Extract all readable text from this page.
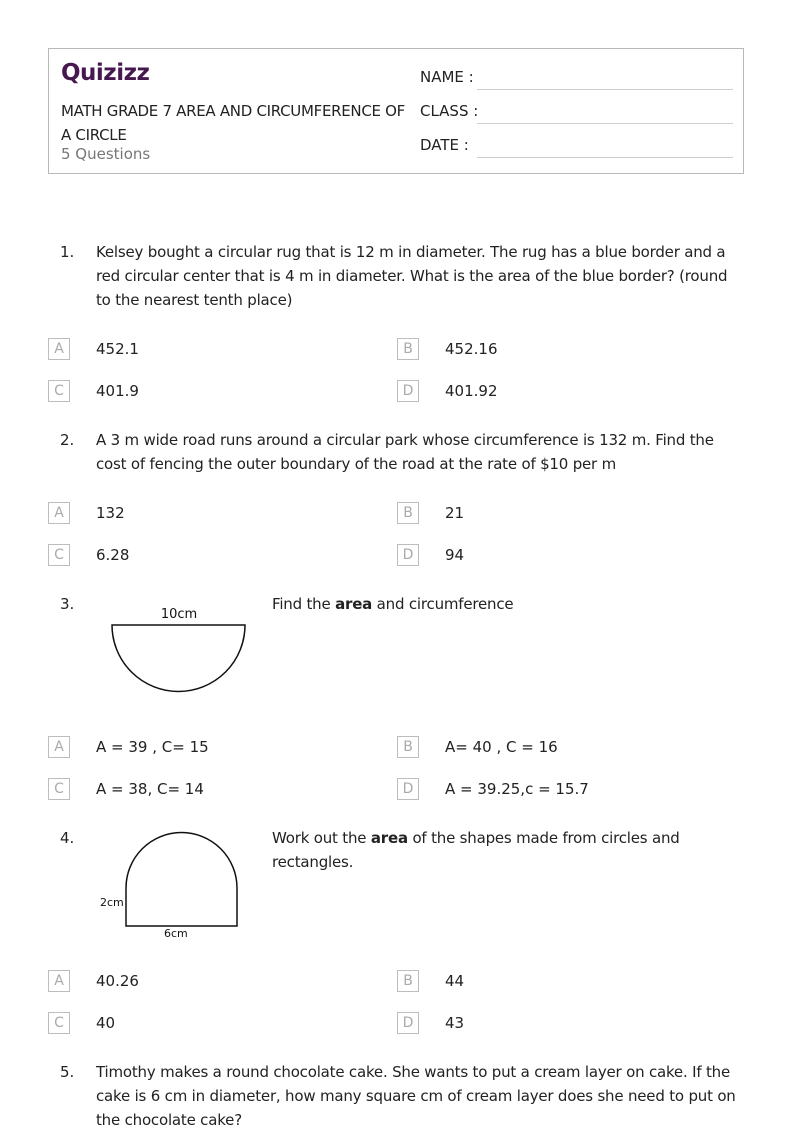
Quizizz
MATH GRADE 7 AREA AND CIRCUMFERENCE OF A CIRCLE
5 Questions
NAME :
CLASS :
DATE :
1. Kelsey bought a circular rug that is 12 m in diameter. The rug has a blue border and a red circular center that is 4 m in diameter. What is the area of the blue border? (round to the nearest tenth place)
A	452.1	B	452.16
C	401.9	D	401.92
2. A 3 m wide road runs around a circular park whose circumference is 132 m. Find the cost of fencing the outer boundary of the road at the rate of $10 per m
A	132	B	21
C	6.28	D	94
3.
10cm
Find the area and circumference
A	A = 39 , C= 15	B	A= 40 , C = 16
C	A = 38, C= 14	D	A = 39.25,c = 15.7
4.
2cm
6cm
Work out the area of the shapes made from circles and rectangles.
A	40.26	B	44
C	40	D	43
5. Timothy makes a round chocolate cake. She wants to put a cream layer on cake. If the cake is 6 cm in diameter, how many square cm of cream layer does she need to put on the chocolate cake?
